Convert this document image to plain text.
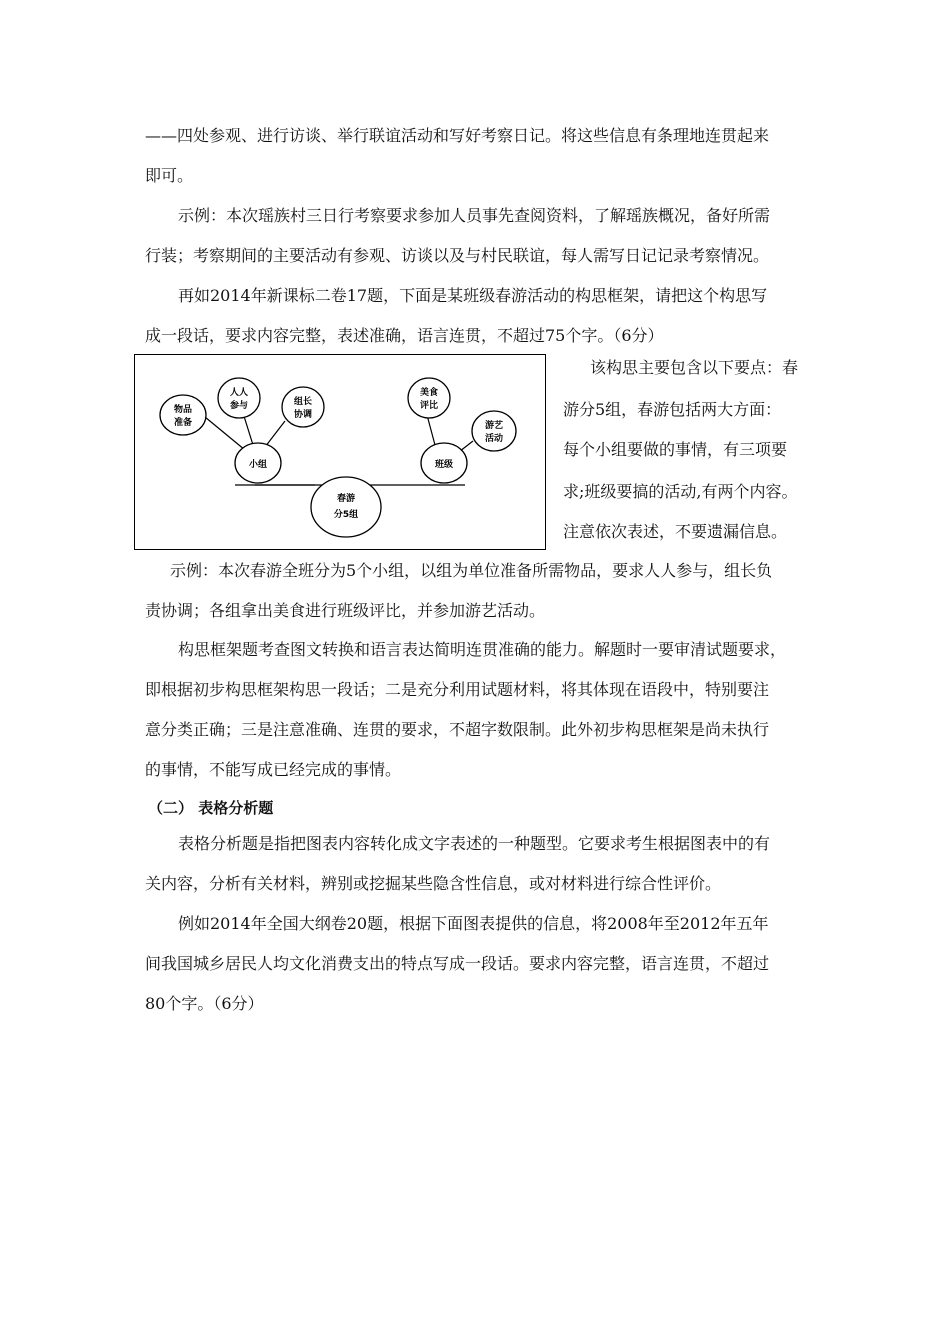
——四处参观、进行访谈、举行联谊活动和写好考察日记。将这些信息有条理地连贯起来
即可。
示例：本次瑶族村三日行考察要求参加人员事先查阅资料，了解瑶族概况，备好所需
行装；考察期间的主要活动有参观、访谈以及与村民联谊，每人需写日记记录考察情况。
再如2014年新课标二卷17题，下面是某班级春游活动的构思框架，请把这个构思写
成一段话，要求内容完整，表述准确，语言连贯，不超过75个字。（6分）
春游
分5组
小组	班级
物品
准备
人人
参与	组长
协调
美食
评比
游艺
活动
该构思主要包含以下要点：春
游分5组，春游包括两大方面：
每个小组要做的事情，有三项要
求;班级要搞的活动,有两个内容。
注意依次表述，不要遗漏信息。
示例：本次春游全班分为5个小组，以组为单位准备所需物品，要求人人参与，组长负
责协调；各组拿出美食进行班级评比，并参加游艺活动。
构思框架题考查图文转换和语言表达简明连贯准确的能力。解题时一要审清试题要求，
即根据初步构思框架构思一段话；二是充分利用试题材料，将其体现在语段中，特别要注
意分类正确；三是注意准确、连贯的要求，不超字数限制。此外初步构思框架是尚未执行
的事情，不能写成已经完成的事情。
（二） 表格分析题
表格分析题是指把图表内容转化成文字表述的一种题型。它要求考生根据图表中的有
关内容，分析有关材料，辨别或挖掘某些隐含性信息，或对材料进行综合性评价。
例如2014年全国大纲卷20题，根据下面图表提供的信息，将2008年至2012年五年
间我国城乡居民人均文化消费支出的特点写成一段话。要求内容完整，语言连贯，不超过
80个字。（6分）
